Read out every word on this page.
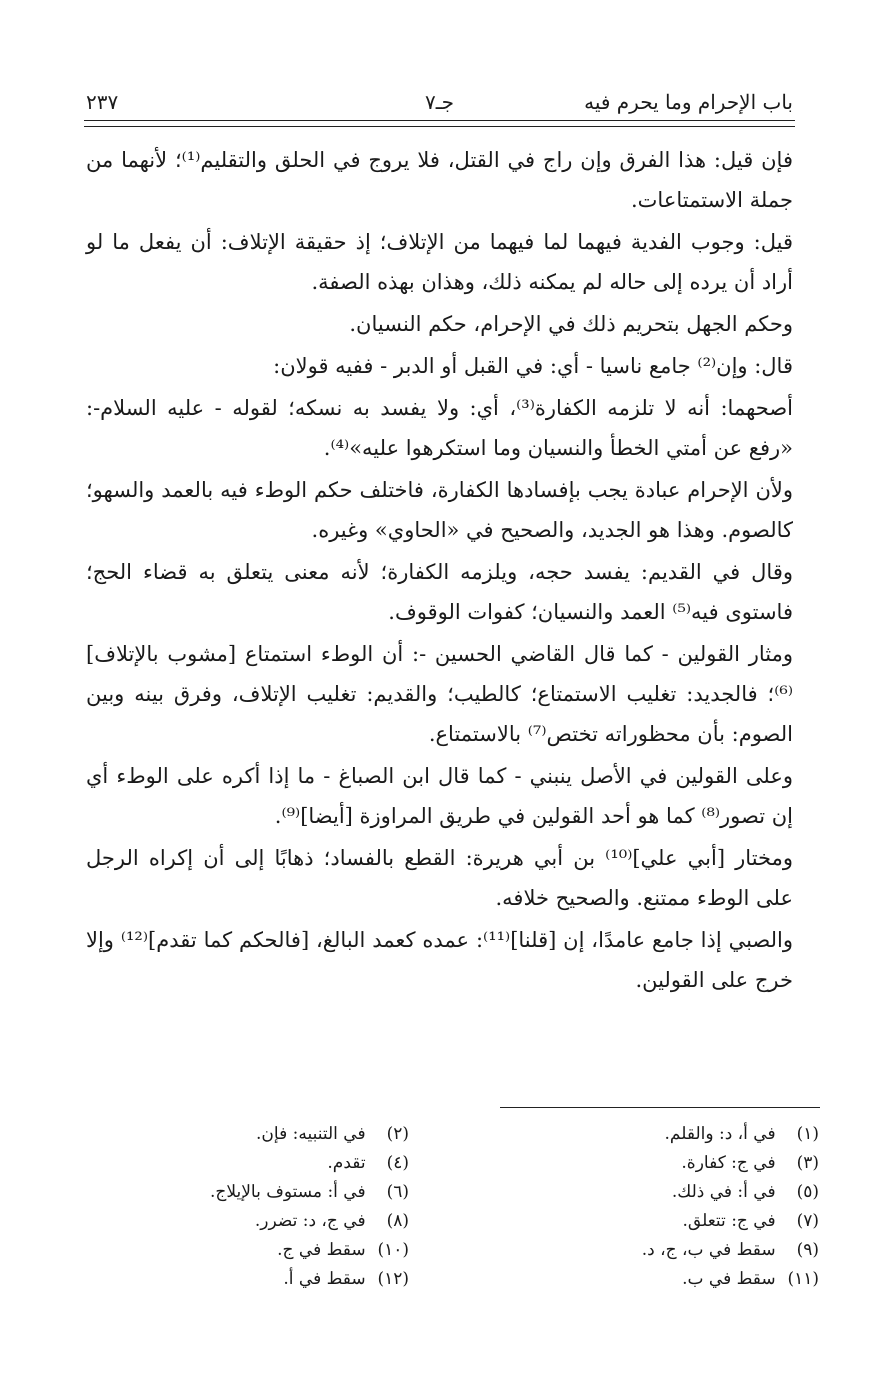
باب الإحرام وما يحرم فيه
جـ٧
٢٣٧

فإن قيل: هذا الفرق وإن راج في القتل، فلا يروج في الحلق والتقليم⁽¹⁾؛ لأنهما من جملة الاستمتاعات.

قيل: وجوب الفدية فيهما لما فيهما من الإتلاف؛ إذ حقيقة الإتلاف: أن يفعل ما لو أراد أن يرده إلى حاله لم يمكنه ذلك، وهذان بهذه الصفة.

وحكم الجهل بتحريم ذلك في الإحرام، حكم النسيان.

قال: وإن⁽²⁾ جامع ناسيا - أي: في القبل أو الدبر - ففيه قولان:

أصحهما: أنه لا تلزمه الكفارة⁽³⁾، أي: ولا يفسد به نسكه؛ لقوله - عليه السلام-: «رفع عن أمتي الخطأ والنسيان وما استكرهوا عليه»⁽⁴⁾.

ولأن الإحرام عبادة يجب بإفسادها الكفارة، فاختلف حكم الوطء فيه بالعمد والسهو؛ كالصوم. وهذا هو الجديد، والصحيح في «الحاوي» وغيره.

وقال في القديم: يفسد حجه، ويلزمه الكفارة؛ لأنه معنى يتعلق به قضاء الحج؛ فاستوى فيه⁽⁵⁾ العمد والنسيان؛ كفوات الوقوف.

ومثار القولين - كما قال القاضي الحسين -: أن الوطء استمتاع [مشوب بالإتلاف]⁽⁶⁾؛ فالجديد: تغليب الاستمتاع؛ كالطيب؛ والقديم: تغليب الإتلاف، وفرق بينه وبين الصوم: بأن محظوراته تختص⁽⁷⁾ بالاستمتاع.

وعلى القولين في الأصل ينبني - كما قال ابن الصباغ - ما إذا أكره على الوطء أي إن تصور⁽⁸⁾ كما هو أحد القولين في طريق المراوزة [أيضا]⁽⁹⁾.

ومختار [أبي علي]⁽¹⁰⁾ بن أبي هريرة: القطع بالفساد؛ ذهابًا إلى أن إكراه الرجل على الوطء ممتنع. والصحيح خلافه.

والصبي إذا جامع عامدًا، إن [قلنا]⁽¹¹⁾: عمده كعمد البالغ، [فالحكم كما تقدم]⁽¹²⁾ وإلا خرج على القولين.

(١) في أ، د: والقلم.
(٢) في التنبيه: فإن.
(٣) في ج: كفارة.
(٤) تقدم.
(٥) في أ: في ذلك.
(٦) في أ: مستوف بالإيلاج.
(٧) في ج: تتعلق.
(٨) في ج، د: تضرر.
(٩) سقط في ب، ج، د.
(١٠) سقط في ج.
(١١) سقط في ب.
(١٢) سقط في أ.
